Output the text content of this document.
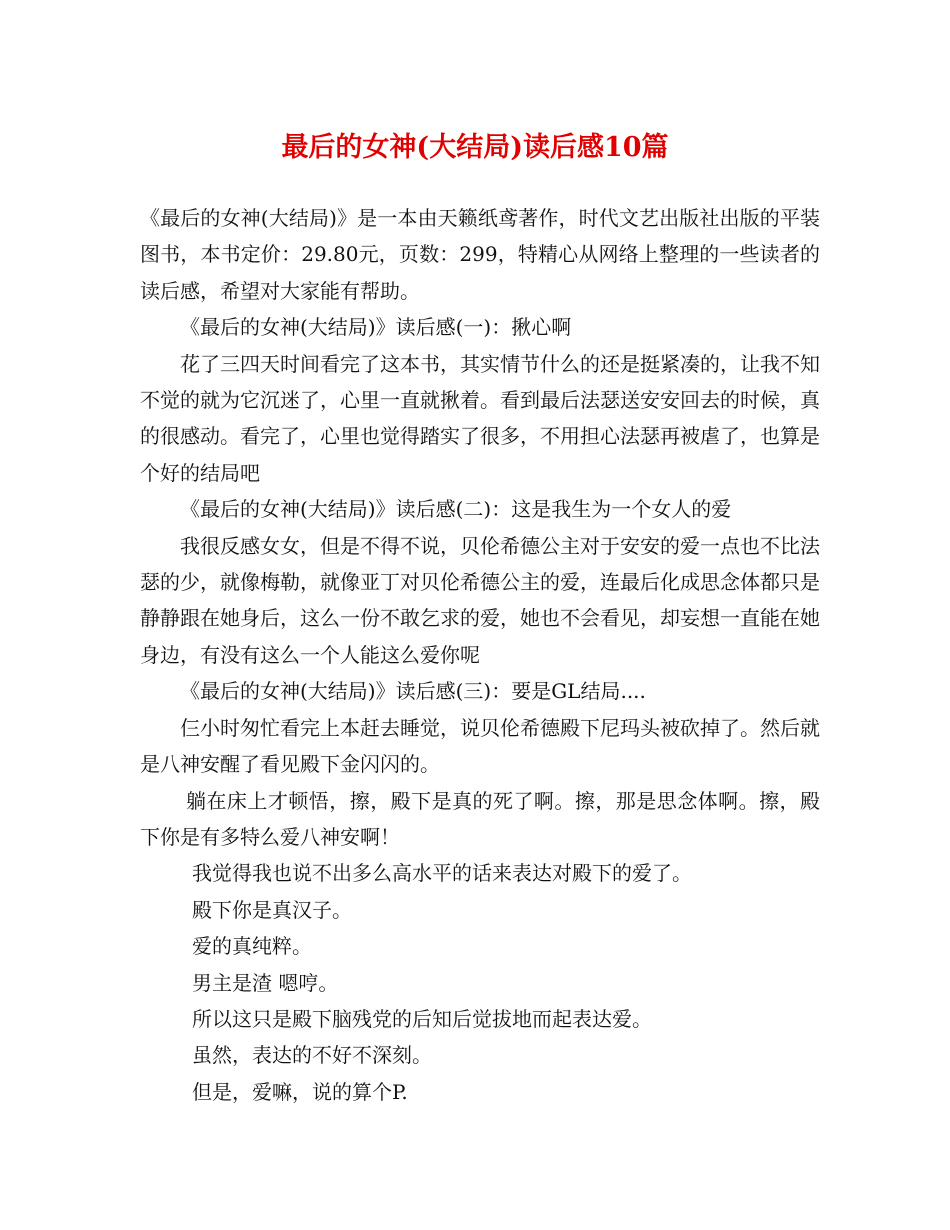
最后的女神(大结局)读后感10篇

《最后的女神(大结局)》是一本由天籁纸鸢著作，时代文艺出版社出版的平装图书，本书定价：29.80元，页数：299，特精心从网络上整理的一些读者的读后感，希望对大家能有帮助。

《最后的女神(大结局)》读后感(一)：揪心啊

花了三四天时间看完了这本书，其实情节什么的还是挺紧凑的，让我不知不觉的就为它沉迷了，心里一直就揪着。看到最后法瑟送安安回去的时候，真的很感动。看完了，心里也觉得踏实了很多，不用担心法瑟再被虐了，也算是个好的结局吧

《最后的女神(大结局)》读后感(二)：这是我生为一个女人的爱

我很反感女女，但是不得不说，贝伦希德公主对于安安的爱一点也不比法瑟的少，就像梅勒，就像亚丁对贝伦希德公主的爱，连最后化成思念体都只是静静跟在她身后，这么一份不敢乞求的爱，她也不会看见，却妄想一直能在她身边，有没有这么一个人能这么爱你呢

《最后的女神(大结局)》读后感(三)：要是GL结局....

仨小时匆忙看完上本赶去睡觉，说贝伦希德殿下尼玛头被砍掉了。然后就是八神安醒了看见殿下金闪闪的。

躺在床上才顿悟，擦，殿下是真的死了啊。擦，那是思念体啊。擦，殿下你是有多特么爱八神安啊！

我觉得我也说不出多么高水平的话来表达对殿下的爱了。

殿下你是真汉子。

爱的真纯粹。

男主是渣 嗯哼。

所以这只是殿下脑残党的后知后觉拔地而起表达爱。

虽然，表达的不好不深刻。

但是，爱嘛，说的算个P.
